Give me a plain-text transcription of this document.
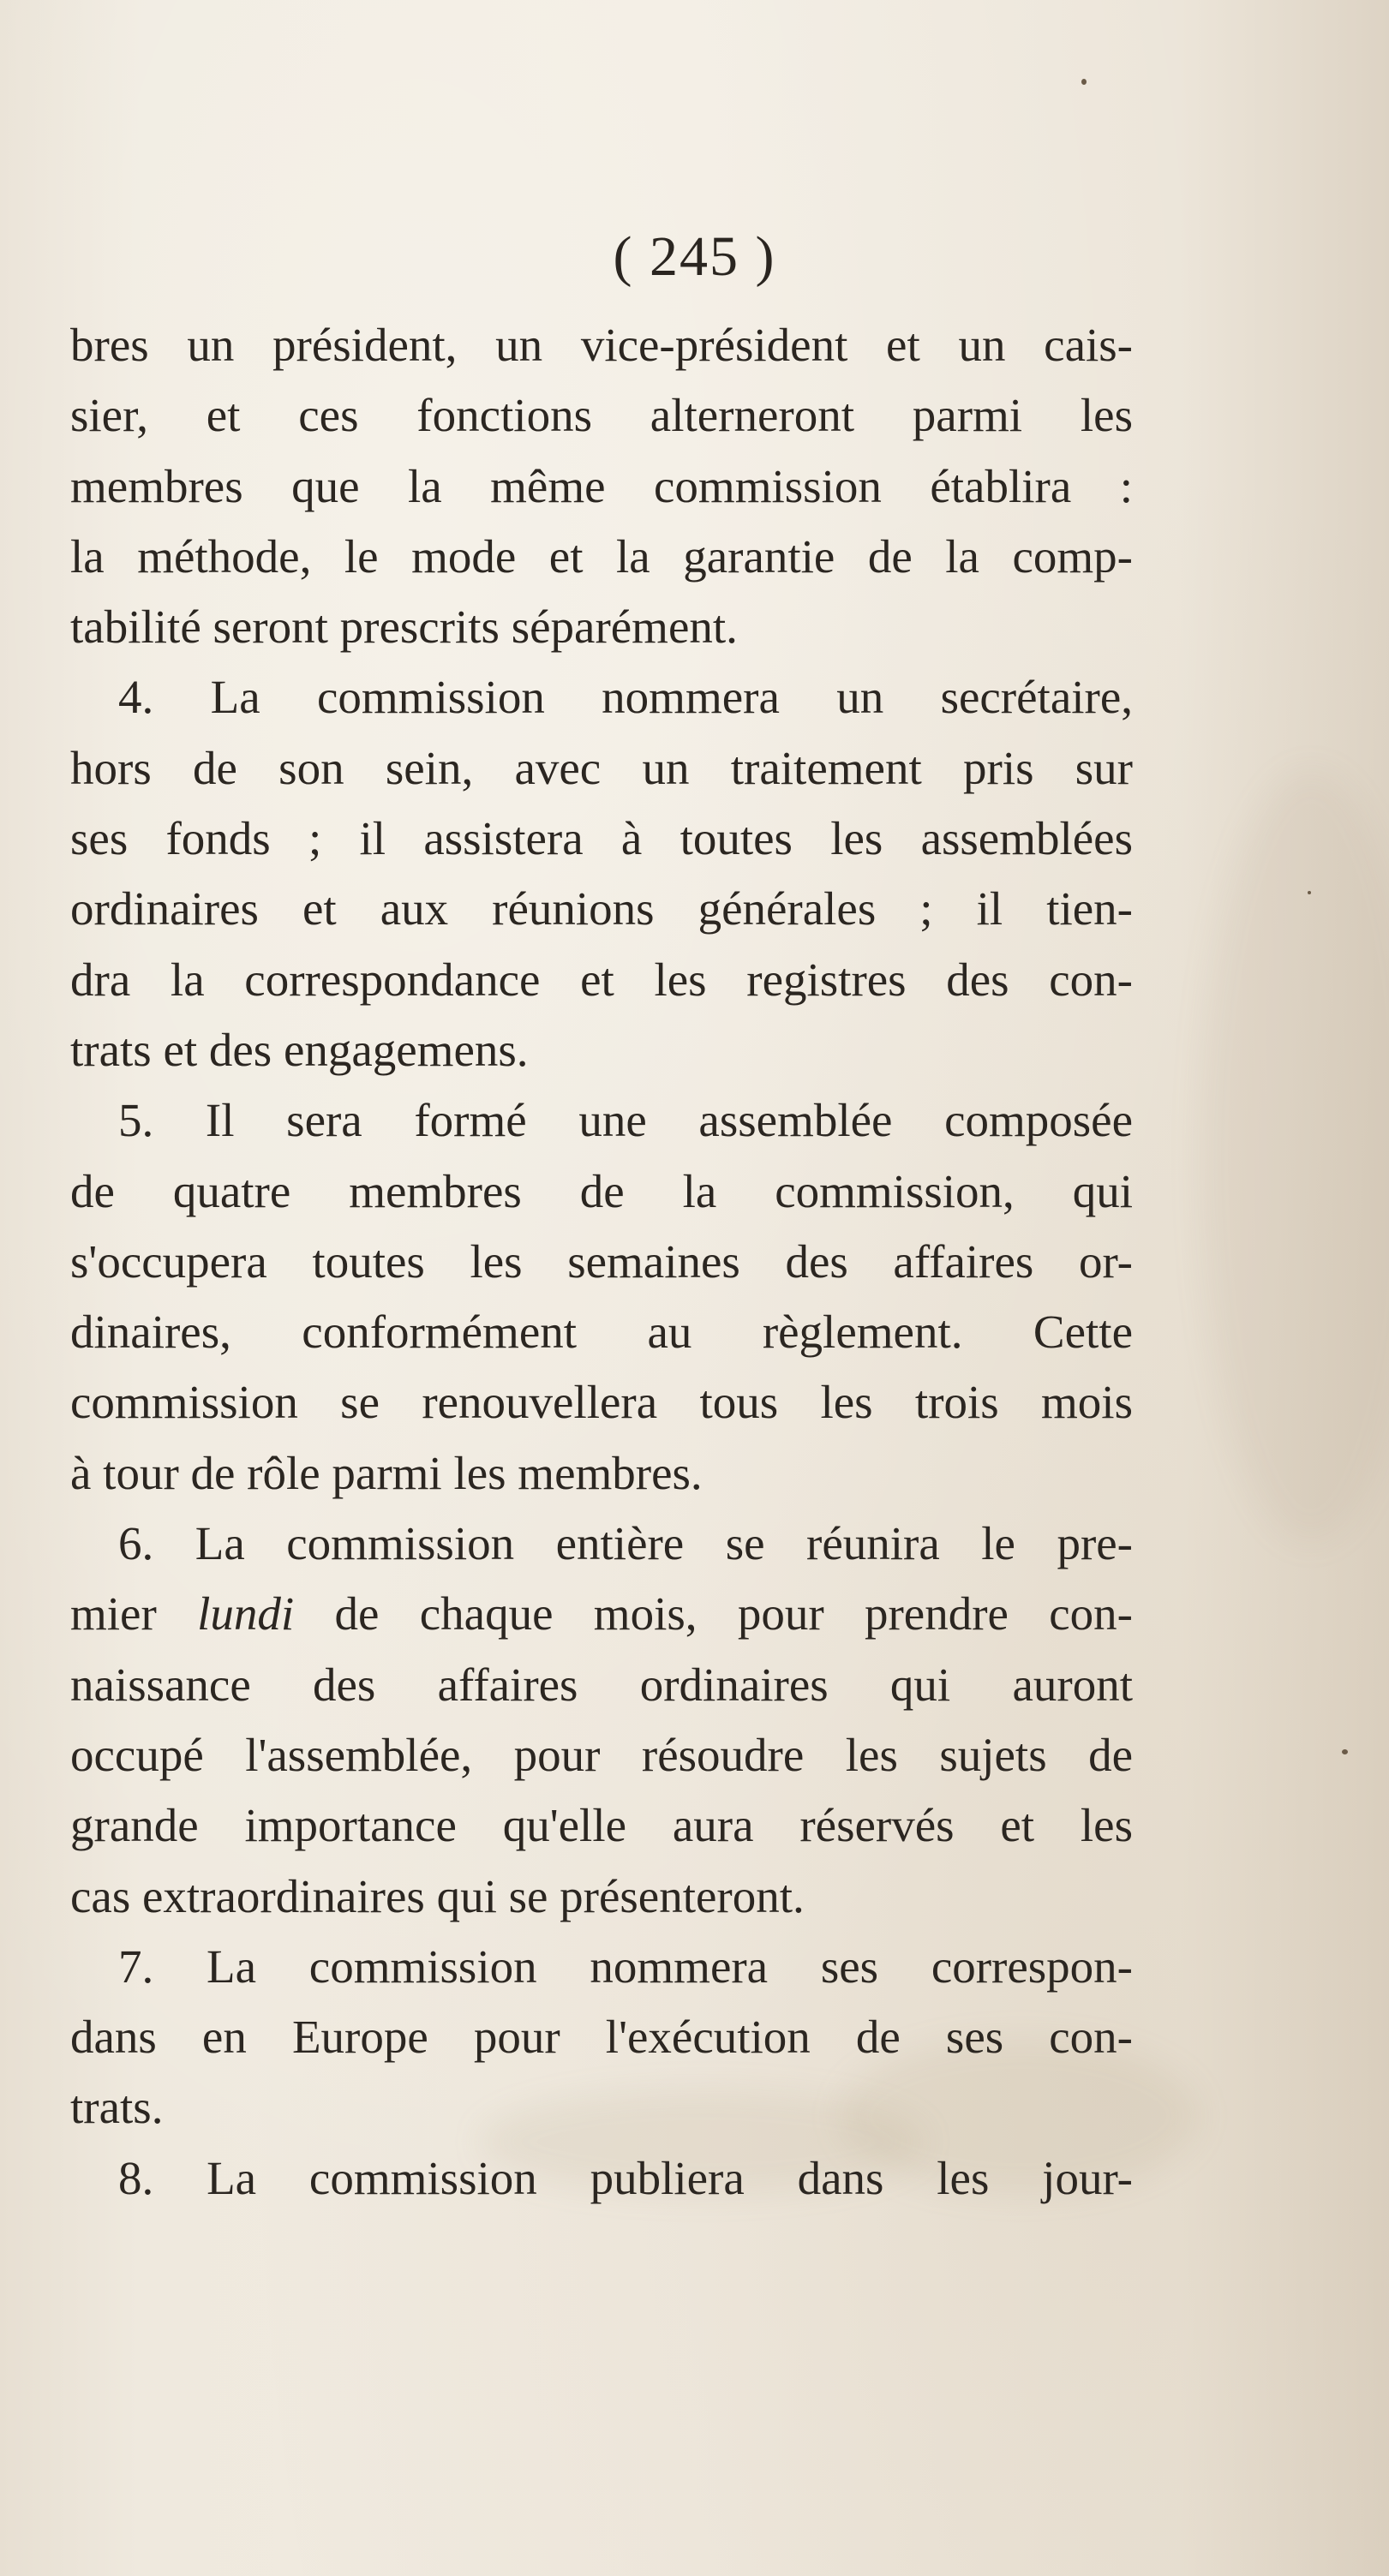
( 245 )
bres un président, un vice-président et un cais-
sier, et ces fonctions alterneront parmi les
membres que la même commission établira :
la méthode, le mode et la garantie de la comp-
tabilité seront prescrits séparément.
4. La commission nommera un secrétaire,
hors de son sein, avec un traitement pris sur
ses fonds ; il assistera à toutes les assemblées
ordinaires et aux réunions générales ; il tien-
dra la correspondance et les registres des con-
trats et des engagemens.
5. Il sera formé une assemblée composée
de quatre membres de la commission, qui
s'occupera toutes les semaines des affaires or-
dinaires, conformément au règlement. Cette
commission se renouvellera tous les trois mois
à tour de rôle parmi les membres.
6. La commission entière se réunira le pre-
mier lundi de chaque mois, pour prendre con-
naissance des affaires ordinaires qui auront
occupé l'assemblée, pour résoudre les sujets de
grande importance qu'elle aura réservés et les
cas extraordinaires qui se présenteront.
7. La commission nommera ses correspon-
dans en Europe pour l'exécution de ses con-
trats.
8. La commission publiera dans les jour-
